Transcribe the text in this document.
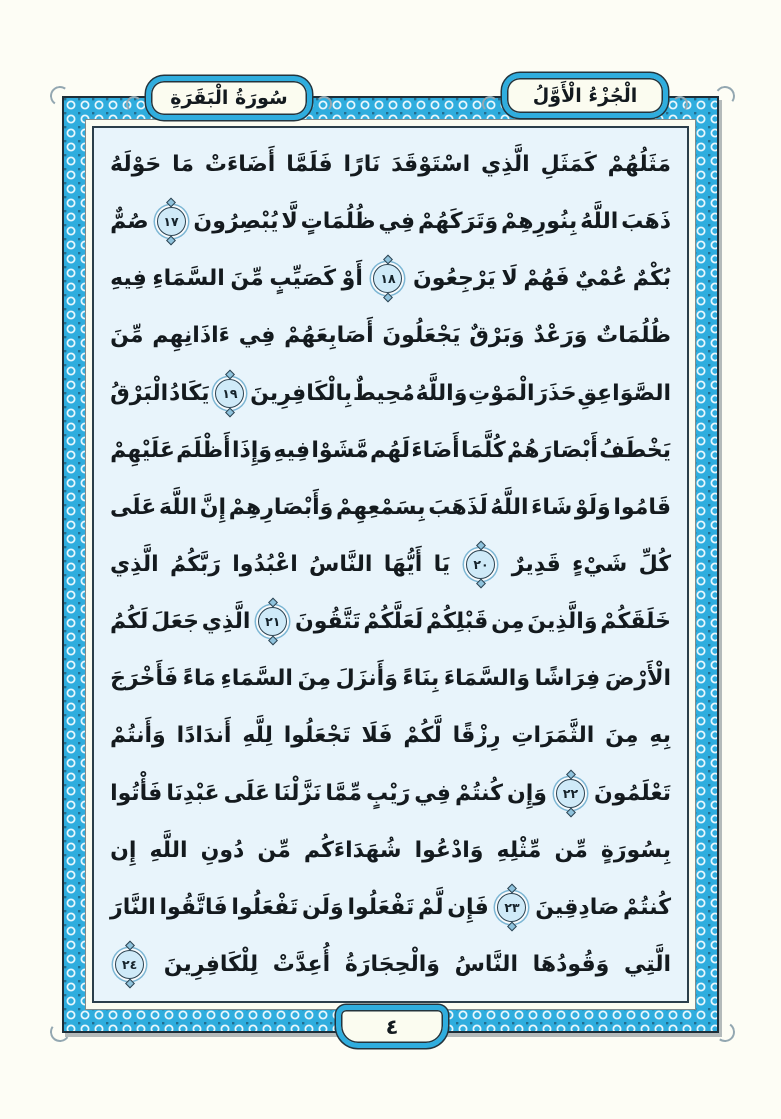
مَثَلُهُمْ
كَمَثَلِ
الَّذِي
اسْتَوْقَدَ
نَارًا
فَلَمَّا
أَضَاءَتْ
مَا
حَوْلَهُ
ذَهَبَ
اللَّهُ
بِنُورِهِمْ
وَتَرَكَهُمْ
فِي
ظُلُمَاتٍ
لَّا
يُبْصِرُونَ
١٧
صُمٌّ
بُكْمٌ
عُمْيٌ
فَهُمْ
لَا
يَرْجِعُونَ
١٨
أَوْ
كَصَيِّبٍ
مِّنَ
السَّمَاءِ
فِيهِ
ظُلُمَاتٌ
وَرَعْدٌ
وَبَرْقٌ
يَجْعَلُونَ
أَصَابِعَهُمْ
فِي
ءَاذَانِهِم
مِّنَ
الصَّوَاعِقِ
حَذَرَ
الْمَوْتِ
وَاللَّهُ
مُحِيطٌ
بِالْكَافِرِينَ
١٩
يَكَادُ
الْبَرْقُ
يَخْطَفُ
أَبْصَارَهُمْ
كُلَّمَا
أَضَاءَ
لَهُم
مَّشَوْا
فِيهِ
وَإِذَا
أَظْلَمَ
عَلَيْهِمْ
قَامُوا
وَلَوْ
شَاءَ
اللَّهُ
لَذَهَبَ
بِسَمْعِهِمْ
وَأَبْصَارِهِمْ
إِنَّ
اللَّهَ
عَلَى
كُلِّ
شَيْءٍ
قَدِيرٌ
٢٠
يَا
أَيُّهَا
النَّاسُ
اعْبُدُوا
رَبَّكُمُ
الَّذِي
خَلَقَكُمْ
وَالَّذِينَ
مِن
قَبْلِكُمْ
لَعَلَّكُمْ
تَتَّقُونَ
٢١
الَّذِي
جَعَلَ
لَكُمُ
الْأَرْضَ
فِرَاشًا
وَالسَّمَاءَ
بِنَاءً
وَأَنزَلَ
مِنَ
السَّمَاءِ
مَاءً
فَأَخْرَجَ
بِهِ
مِنَ
الثَّمَرَاتِ
رِزْقًا
لَّكُمْ
فَلَا
تَجْعَلُوا
لِلَّهِ
أَندَادًا
وَأَنتُمْ
تَعْلَمُونَ
٢٢
وَإِن
كُنتُمْ
فِي
رَيْبٍ
مِّمَّا
نَزَّلْنَا
عَلَى
عَبْدِنَا
فَأْتُوا
بِسُورَةٍ
مِّن
مِّثْلِهِ
وَادْعُوا
شُهَدَاءَكُم
مِّن
دُونِ
اللَّهِ
إِن
كُنتُمْ
صَادِقِينَ
٢٣
فَإِن
لَّمْ
تَفْعَلُوا
وَلَن
تَفْعَلُوا
فَاتَّقُوا
النَّارَ
الَّتِي
وَقُودُهَا
النَّاسُ
وَالْحِجَارَةُ
أُعِدَّتْ
لِلْكَافِرِينَ
٢٤
سُورَةُ الْبَقَرَةِ	الْجُزْءُ الْأَوَّلُ
٤
